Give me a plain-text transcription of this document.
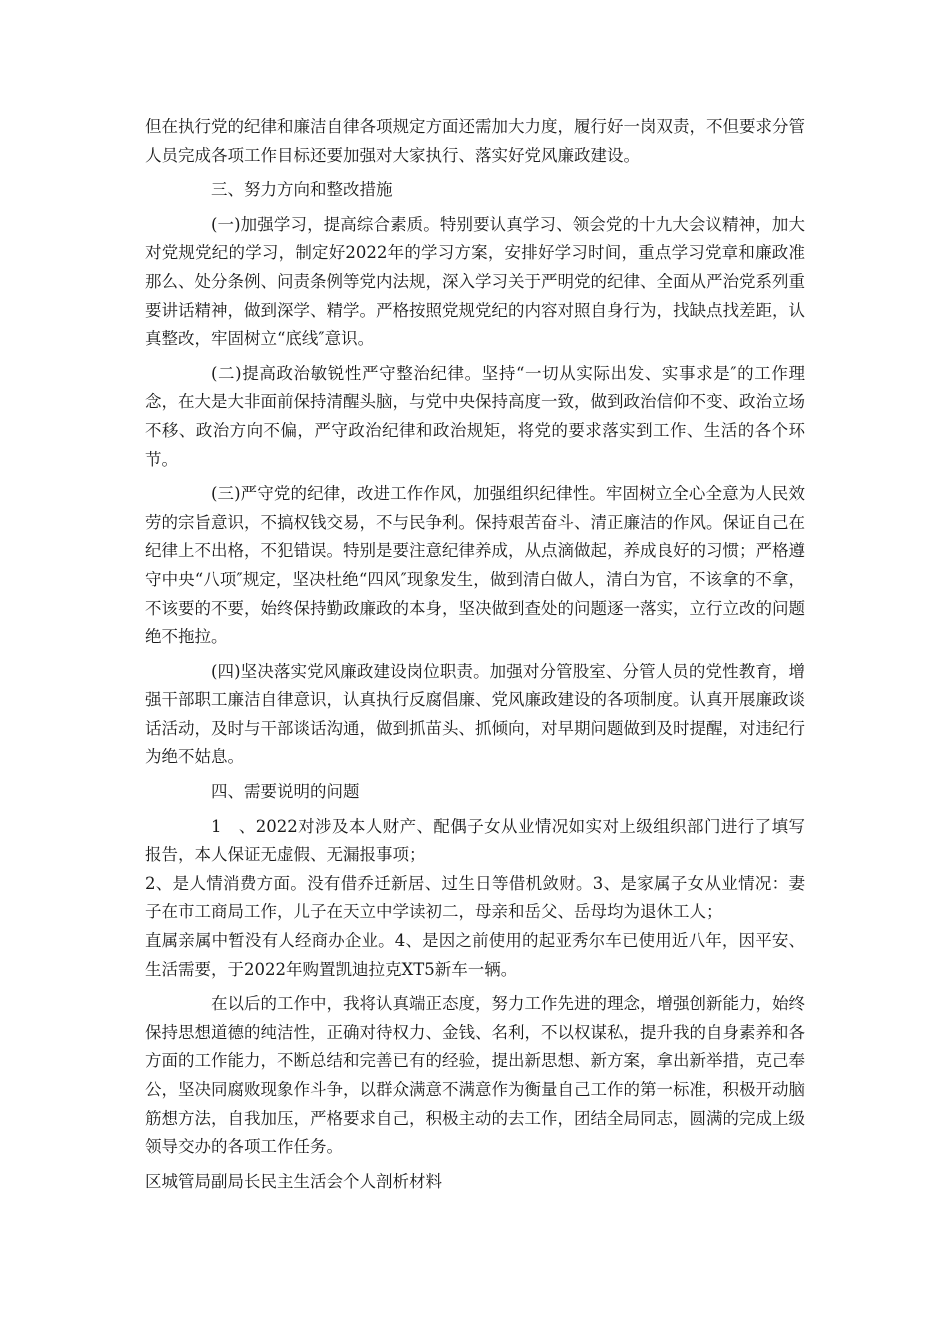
但在执行党的纪律和廉洁自律各项规定方面还需加大力度，履行好一岗双责，不但要求分管人员完成各项工作目标还要加强对大家执行、落实好党风廉政建设。

三、努力方向和整改措施

(一)加强学习，提高综合素质。特别要认真学习、领会党的十九大会议精神，加大对党规党纪的学习，制定好2022年的学习方案，安排好学习时间，重点学习党章和廉政准那么、处分条例、问责条例等党内法规，深入学习关于严明党的纪律、全面从严治党系列重要讲话精神，做到深学、精学。严格按照党规党纪的内容对照自身行为，找缺点找差距，认真整改，牢固树立“底线″意识。

(二)提高政治敏锐性严守整治纪律。坚持“一切从实际出发、实事求是″的工作理念，在大是大非面前保持清醒头脑，与党中央保持高度一致，做到政治信仰不变、政治立场不移、政治方向不偏，严守政治纪律和政治规矩，将党的要求落实到工作、生活的各个环节。

(三)严守党的纪律，改进工作作风，加强组织纪律性。牢固树立全心全意为人民效劳的宗旨意识，不搞权钱交易，不与民争利。保持艰苦奋斗、清正廉洁的作风。保证自己在纪律上不出格，不犯错误。特别是要注意纪律养成，从点滴做起，养成良好的习惯；严格遵守中央“八项″规定，坚决杜绝“四风″现象发生，做到清白做人，清白为官，不该拿的不拿，不该要的不要，始终保持勤政廉政的本身，坚决做到查处的问题逐一落实，立行立改的问题绝不拖拉。

(四)坚决落实党风廉政建设岗位职责。加强对分管股室、分管人员的党性教育，增强干部职工廉洁自律意识，认真执行反腐倡廉、党风廉政建设的各项制度。认真开展廉政谈话活动，及时与干部谈话沟通，做到抓苗头、抓倾向，对早期问题做到及时提醒，对违纪行为绝不姑息。

四、需要说明的问题

1　、2022对涉及本人财产、配偶子女从业情况如实对上级组织部门进行了填写报告，本人保证无虚假、无漏报事项；

2、是人情消费方面。没有借乔迁新居、过生日等借机敛财。3、是家属子女从业情况：妻子在市工商局工作，儿子在天立中学读初二，母亲和岳父、岳母均为退休工人；

直属亲属中暂没有人经商办企业。4、是因之前使用的起亚秀尔车已使用近八年，因平安、生活需要，于2022年购置凯迪拉克XT5新车一辆。

在以后的工作中，我将认真端正态度，努力工作先进的理念，增强创新能力，始终保持思想道德的纯洁性，正确对待权力、金钱、名利，不以权谋私，提升我的自身素养和各方面的工作能力，不断总结和完善已有的经验，提出新思想、新方案，拿出新举措，克己奉公，坚决同腐败现象作斗争，以群众满意不满意作为衡量自己工作的第一标准，积极开动脑筋想方法，自我加压，严格要求自己，积极主动的去工作，团结全局同志，圆满的完成上级领导交办的各项工作任务。

区城管局副局长民主生活会个人剖析材料
